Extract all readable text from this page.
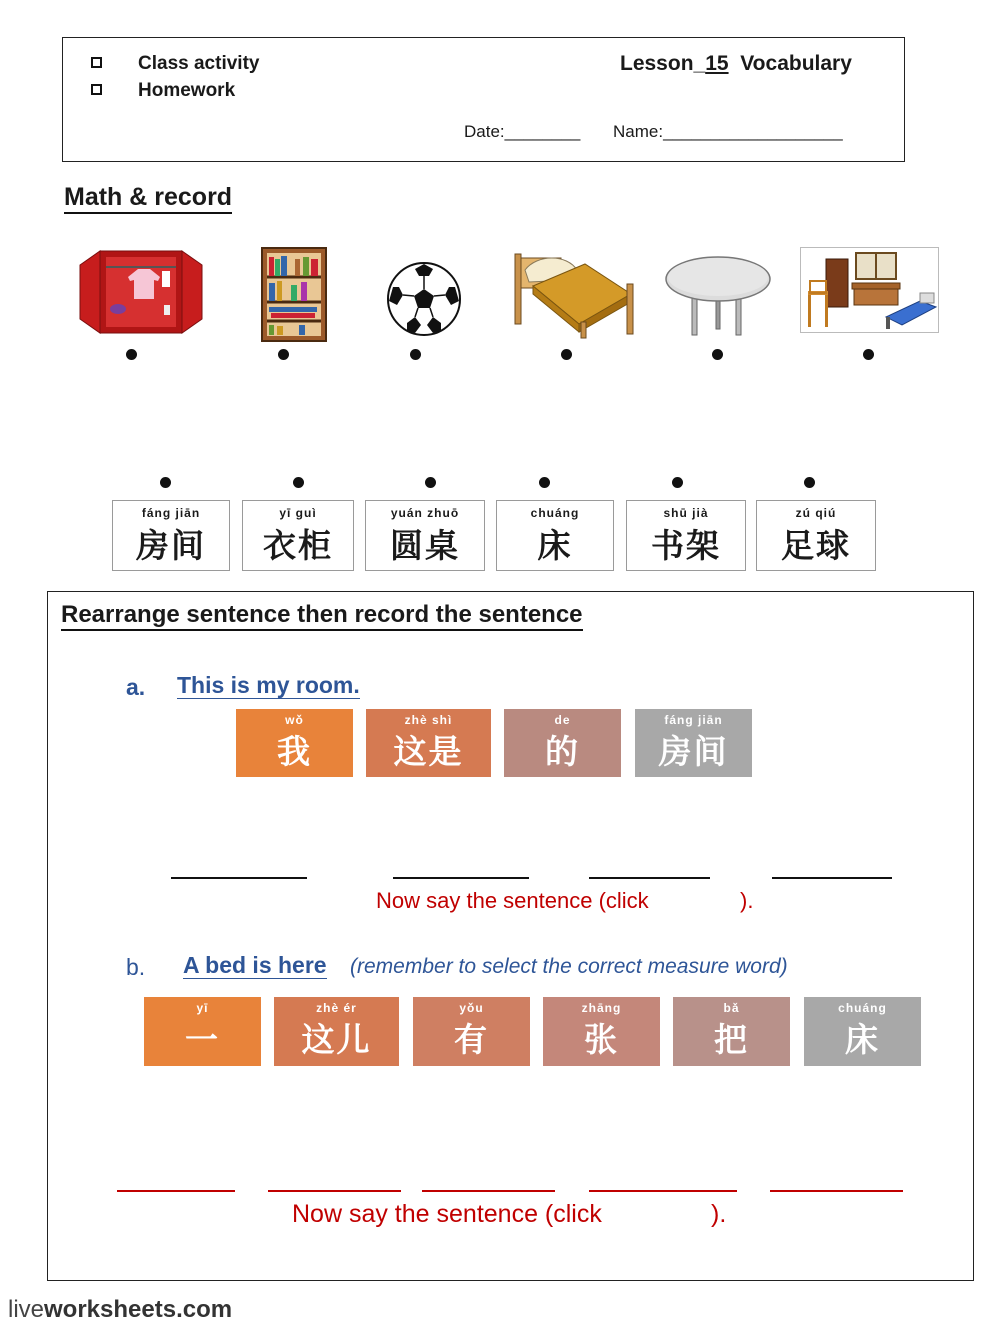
Class activity
Homework
Lesson_15 Vocabulary
Date:________ Name:___________________
Math & record
fáng jiān
房间
yī guì
衣柜
yuán zhuō
圆桌
chuáng
床
shū jià
书架
zú qiú
足球
Rearrange sentence then record the sentence
a. This is my room.
wǒ
我
zhè shì
这是
de
的
fáng jiān
房间
Now say the sentence (click	).
b. A bed is here (remember to select the correct measure word)
yī
一
zhè ér
这儿
yǒu
有
zhāng
张
bǎ
把
chuáng
床
Now say the sentence (click	).
liveworksheets.com
